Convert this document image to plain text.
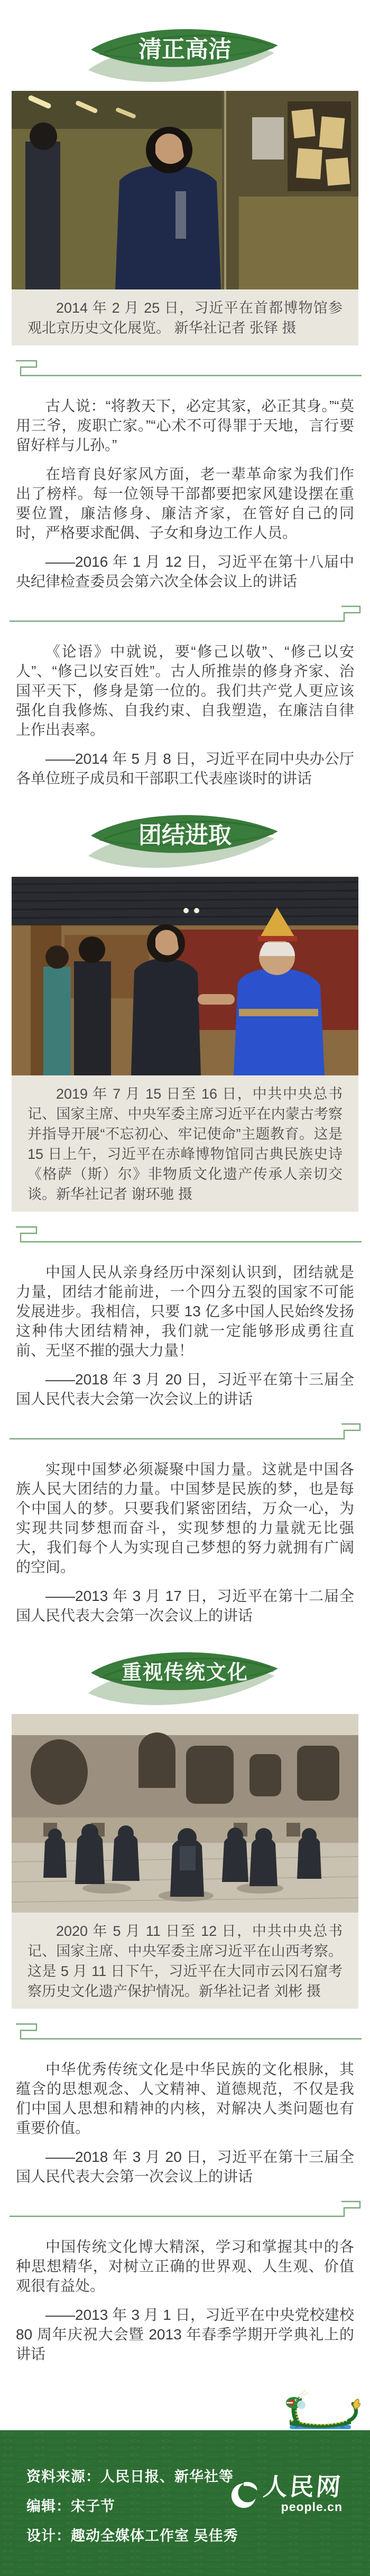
清正高洁
2014 年 2 月 25 日，习近平在首都博物馆参观北京历史文化展览。 新华社记者 张铎 摄

古人说：“将教天下，必定其家，必正其身。”“莫用三爷，废职亡家。”“心术不可得罪于天地，言行要留好样与儿孙。”

在培育良好家风方面，老一辈革命家为我们作出了榜样。每一位领导干部都要把家风建设摆在重要位置，廉洁修身、廉洁齐家，在管好自己的同时，严格要求配偶、子女和身边工作人员。

——2016 年 1 月 12 日，习近平在第十八届中央纪律检查委员会第六次全体会议上的讲话

《论语》中就说，要“修己以敬”、“修己以安人”、“修己以安百姓”。古人所推崇的修身齐家、治国平天下，修身是第一位的。我们共产党人更应该强化自我修炼、自我约束、自我塑造，在廉洁自律上作出表率。

——2014 年 5 月 8 日，习近平在同中央办公厅各单位班子成员和干部职工代表座谈时的讲话

团结进取
2019 年 7 月 15 日至 16 日，中共中央总书记、国家主席、中央军委主席习近平在内蒙古考察并指导开展“不忘初心、牢记使命”主题教育。这是 15 日上午，习近平在赤峰博物馆同古典民族史诗《格萨（斯）尔》非物质文化遗产传承人亲切交谈。新华社记者 谢环驰 摄

中国人民从亲身经历中深刻认识到，团结就是力量，团结才能前进，一个四分五裂的国家不可能发展进步。我相信，只要 13 亿多中国人民始终发扬这种伟大团结精神，我们就一定能够形成勇往直前、无坚不摧的强大力量！

——2018 年 3 月 20 日，习近平在第十三届全国人民代表大会第一次会议上的讲话

实现中国梦必须凝聚中国力量。这就是中国各族人民大团结的力量。中国梦是民族的梦，也是每个中国人的梦。只要我们紧密团结，万众一心，为实现共同梦想而奋斗，实现梦想的力量就无比强大，我们每个人为实现自己梦想的努力就拥有广阔的空间。

——2013 年 3 月 17 日，习近平在第十二届全国人民代表大会第一次会议上的讲话

重视传统文化
2020 年 5 月 11 日至 12 日，中共中央总书记、国家主席、中央军委主席习近平在山西考察。这是 5 月 11 日下午，习近平在大同市云冈石窟考察历史文化遗产保护情况。新华社记者 刘彬 摄

中华优秀传统文化是中华民族的文化根脉，其蕴含的思想观念、人文精神、道德规范，不仅是我们中国人思想和精神的内核，对解决人类问题也有重要价值。

——2018 年 3 月 20 日，习近平在第十三届全国人民代表大会第一次会议上的讲话

中国传统文化博大精深，学习和掌握其中的各种思想精华，对树立正确的世界观、人生观、价值观很有益处。

——2013 年 3 月 1 日，习近平在中央党校建校 80 周年庆祝大会暨 2013 年春季学期开学典礼上的讲话

资料来源：人民日报、新华社等

编辑：宋子节

设计：趣动全媒体工作室 吴佳秀

人民网
people.cn
